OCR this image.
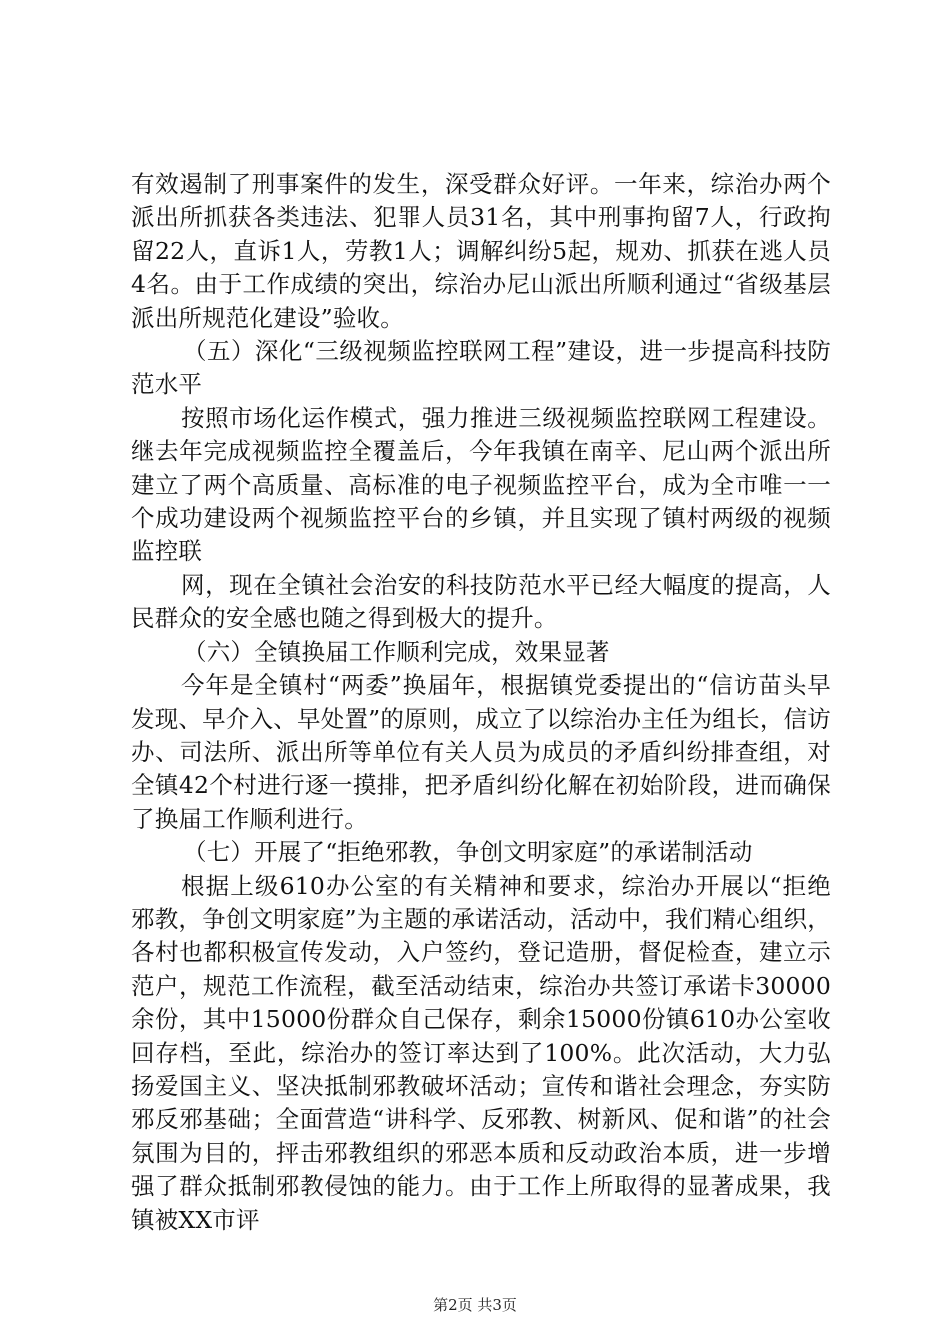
有效遏制了刑事案件的发生，深受群众好评。一年来，综治办两个派出所抓获各类违法、犯罪人员31名，其中刑事拘留7人，行政拘留22人，直诉1人，劳教1人；调解纠纷5起，规劝、抓获在逃人员4名。由于工作成绩的突出，综治办尼山派出所顺利通过“省级基层派出所规范化建设”验收。

（五）深化“三级视频监控联网工程”建设，进一步提高科技防范水平

按照市场化运作模式，强力推进三级视频监控联网工程建设。继去年完成视频监控全覆盖后，今年我镇在南辛、尼山两个派出所建立了两个高质量、高标准的电子视频监控平台，成为全市唯一一个成功建设两个视频监控平台的乡镇，并且实现了镇村两级的视频监控联

网，现在全镇社会治安的科技防范水平已经大幅度的提高，人民群众的安全感也随之得到极大的提升。

（六）全镇换届工作顺利完成，效果显著

今年是全镇村“两委”换届年，根据镇党委提出的“信访苗头早发现、早介入、早处置”的原则，成立了以综治办主任为组长，信访办、司法所、派出所等单位有关人员为成员的矛盾纠纷排查组，对全镇42个村进行逐一摸排，把矛盾纠纷化解在初始阶段，进而确保了换届工作顺利进行。

（七）开展了“拒绝邪教，争创文明家庭”的承诺制活动

根据上级610办公室的有关精神和要求，综治办开展以“拒绝邪教，争创文明家庭”为主题的承诺活动，活动中，我们精心组织，各村也都积极宣传发动，入户签约，登记造册，督促检查，建立示范户，规范工作流程，截至活动结束，综治办共签订承诺卡30000余份，其中15000份群众自己保存，剩余15000份镇610办公室收回存档，至此，综治办的签订率达到了100%。此次活动，大力弘扬爱国主义、坚决抵制邪教破坏活动；宣传和谐社会理念，夯实防邪反邪基础；全面营造“讲科学、反邪教、树新风、促和谐”的社会氛围为目的，抨击邪教组织的邪恶本质和反动政治本质，进一步增强了群众抵制邪教侵蚀的能力。由于工作上所取得的显著成果，我镇被XX市评

第2页 共3页
